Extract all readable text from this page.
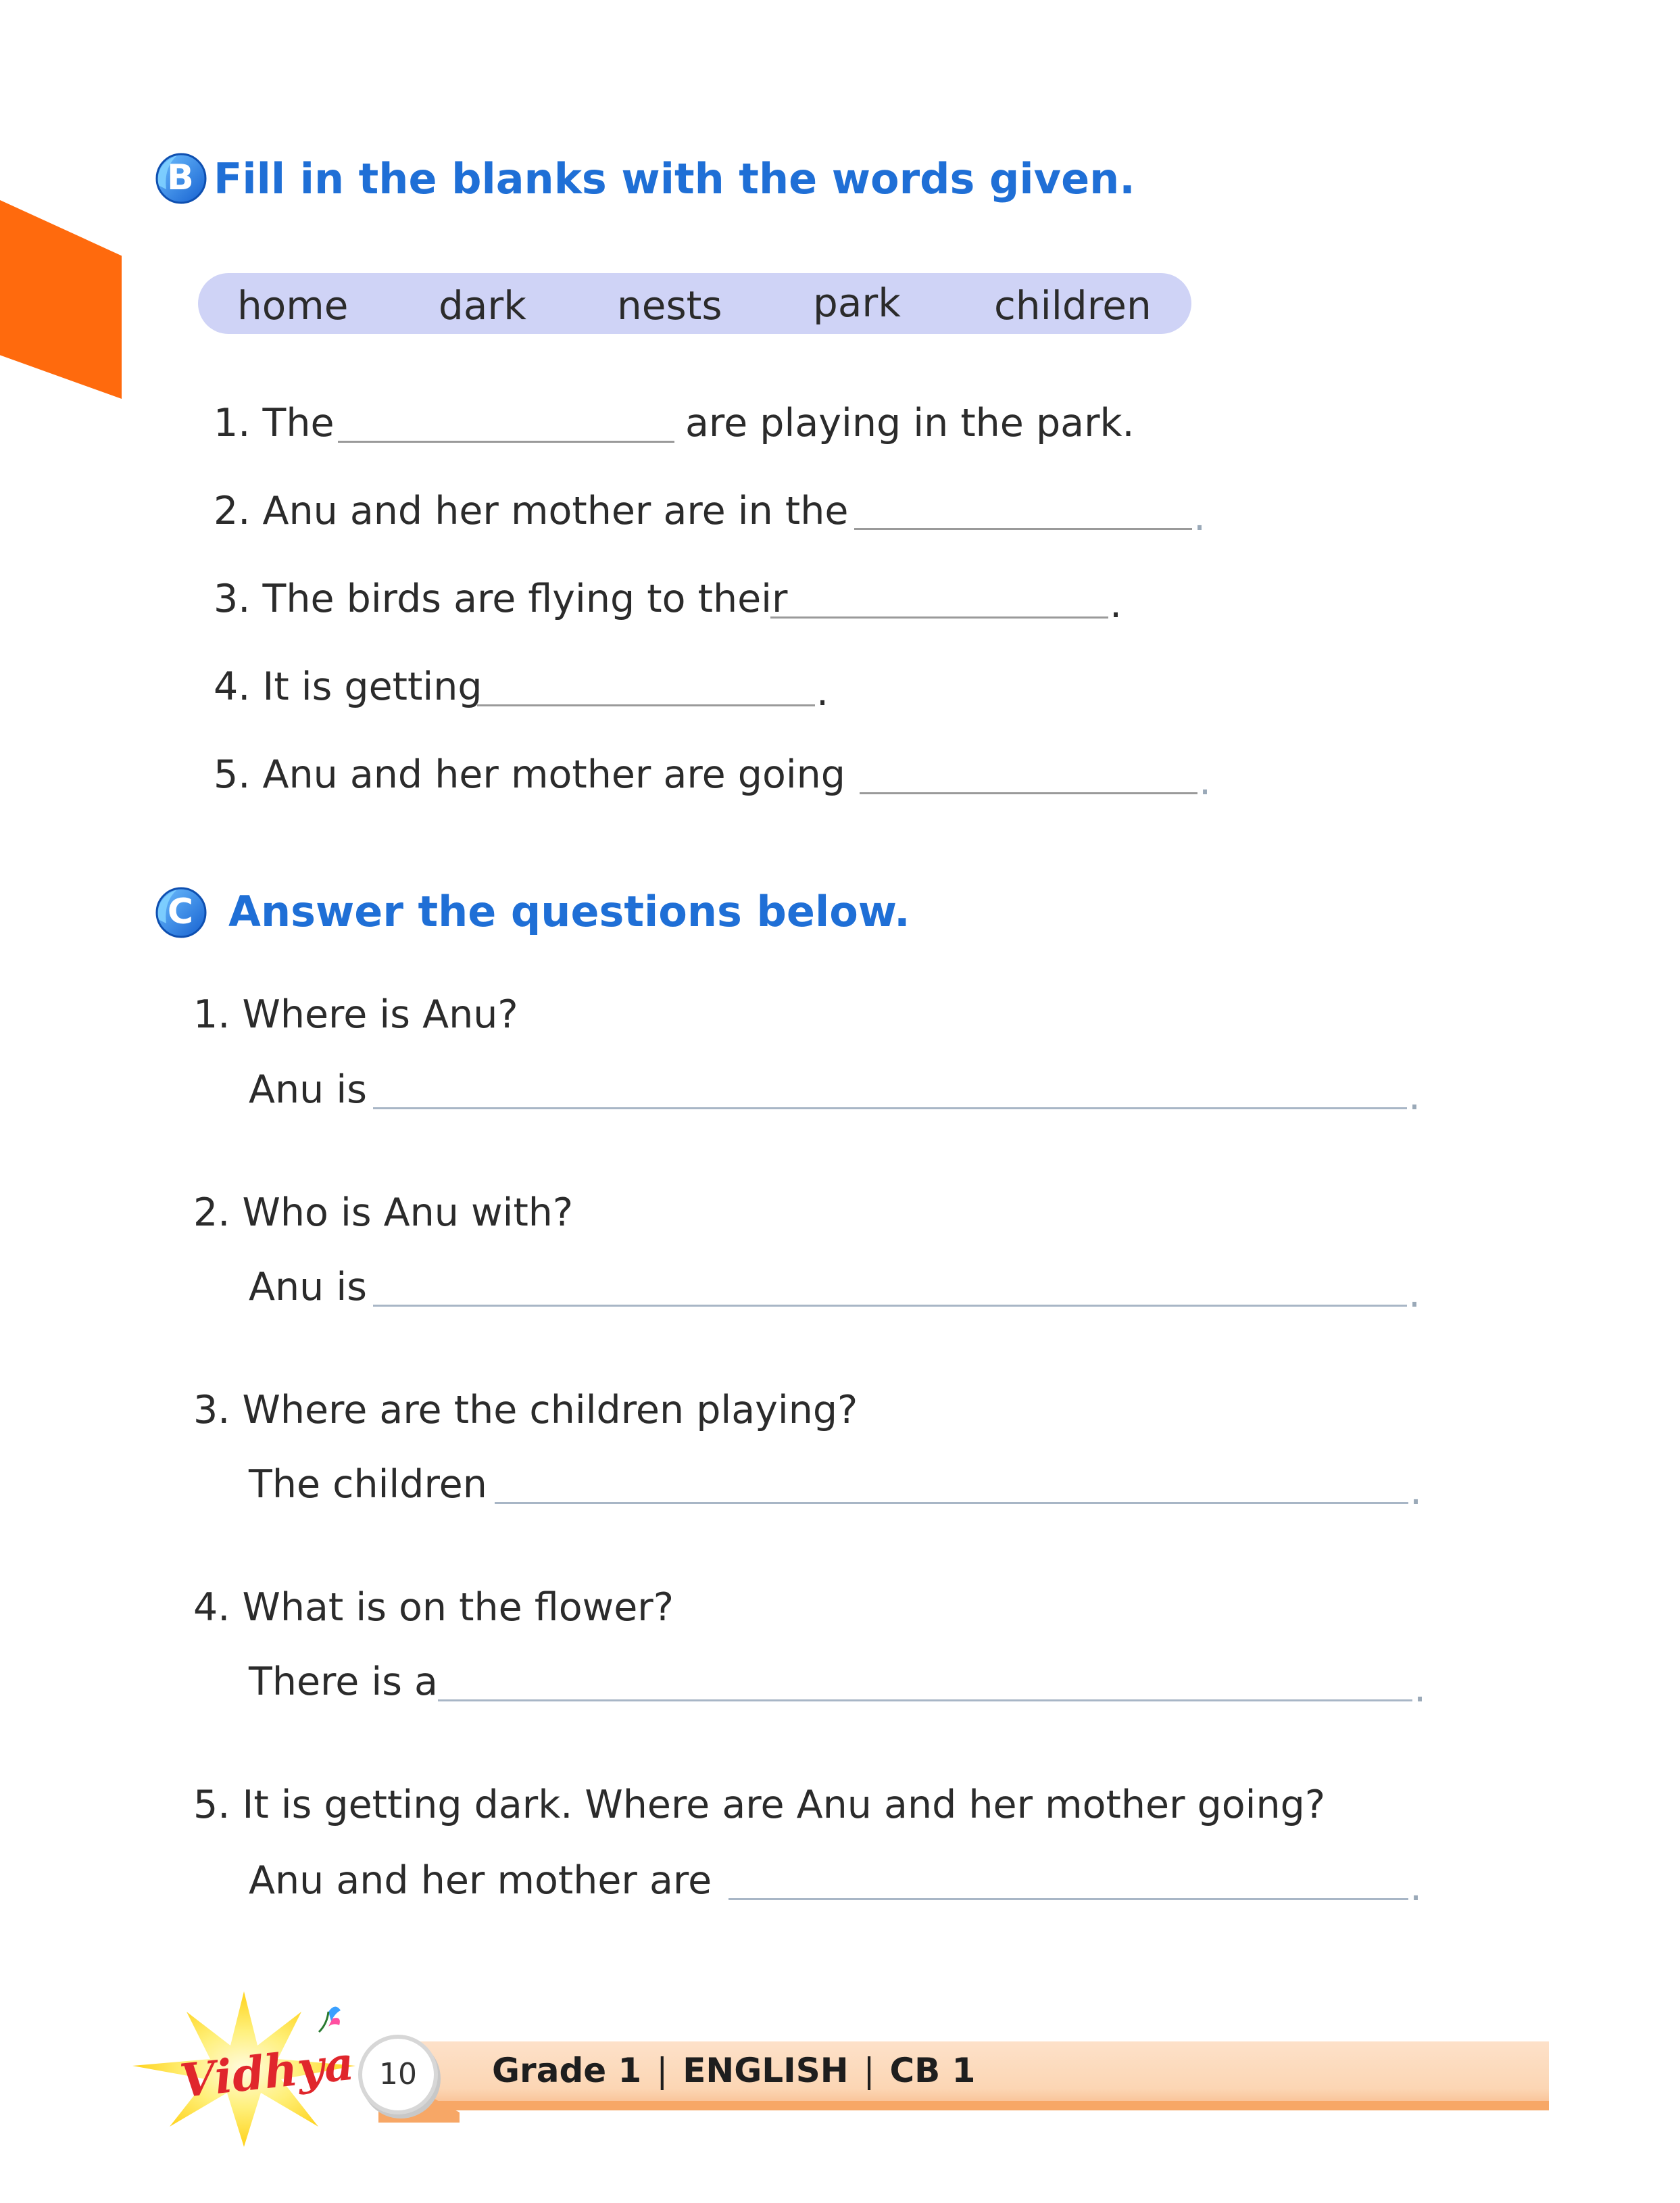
B Fill in the blanks with the words given.
home dark nests park children
1. The	are playing in the park.
2. Anu and her mother are in the	.
3. The birds are flying to their	.
4. It is getting	.
5. Anu and her mother are going	.
C Answer the questions below.
1. Where is Anu?
Anu is	.
2. Who is Anu with?
Anu is	.
3. Where are the children playing?
The children	.
4. What is on the flower?
There is a	.
5. It is getting dark. Where are Anu and her mother going?
Anu and her mother are	.
Vidhya 10	Grade 1 | ENGLISH | CB 1
